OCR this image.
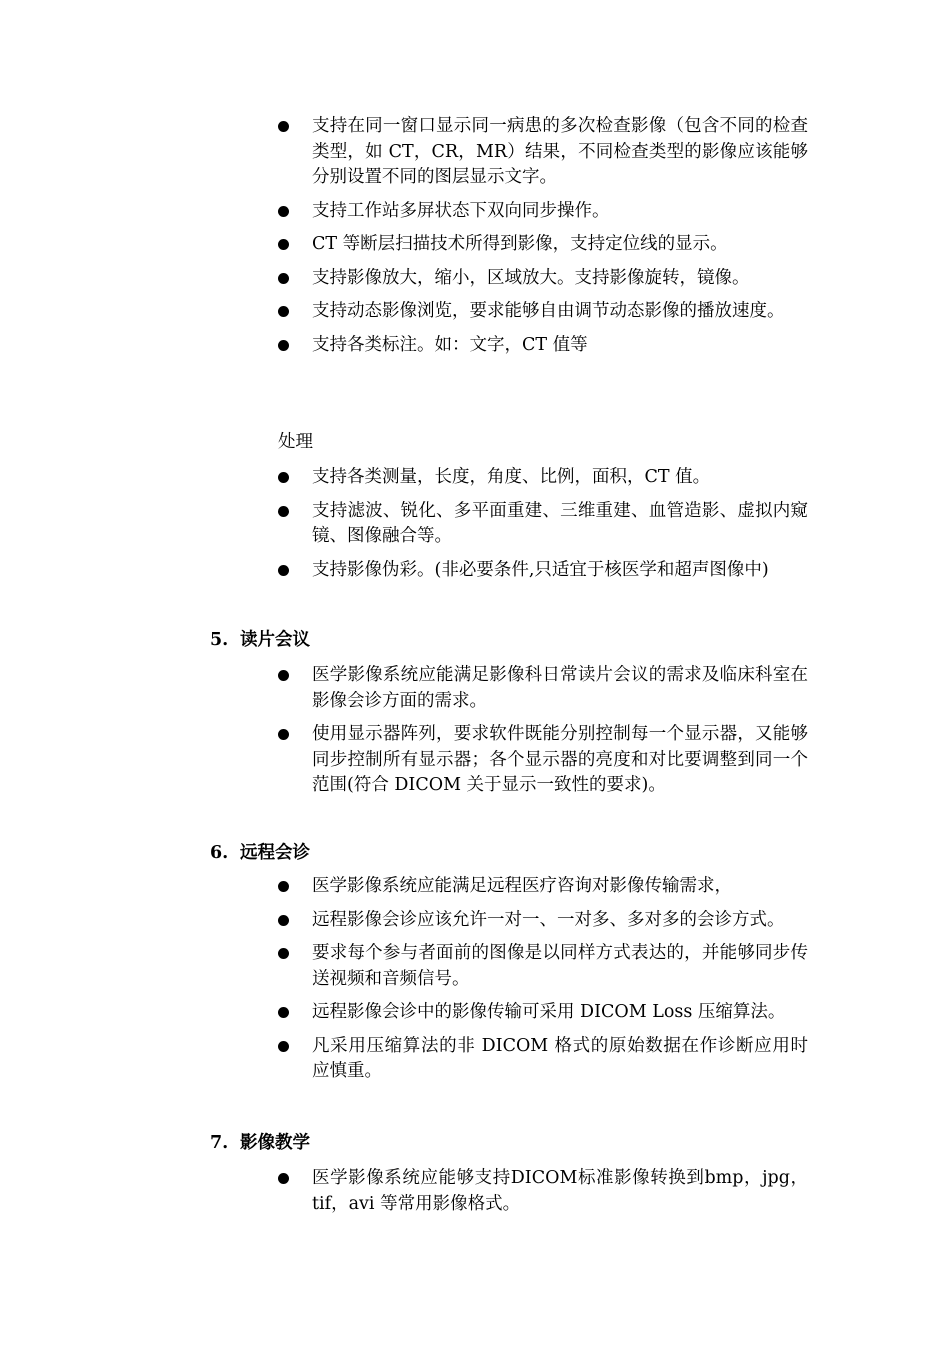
支持在同一窗口显示同一病患的多次检查影像（包含不同的检查类型，如 CT，CR，MR）结果，不同检查类型的影像应该能够分别设置不同的图层显示文字。
支持工作站多屏状态下双向同步操作。
CT 等断层扫描技术所得到影像，支持定位线的显示。
支持影像放大，缩小，区域放大。支持影像旋转，镜像。
支持动态影像浏览，要求能够自由调节动态影像的播放速度。
支持各类标注。如：文字，CT 值等
处理
支持各类测量，长度，角度、比例，面积，CT 值。
支持滤波、锐化、多平面重建、三维重建、血管造影、虚拟内窥镜、图像融合等。
支持影像伪彩。(非必要条件,只适宜于核医学和超声图像中)
5. 读片会议
医学影像系统应能满足影像科日常读片会议的需求及临床科室在影像会诊方面的需求。
使用显示器阵列，要求软件既能分别控制每一个显示器，又能够同步控制所有显示器；各个显示器的亮度和对比要调整到同一个范围(符合 DICOM 关于显示一致性的要求)。
6. 远程会诊
医学影像系统应能满足远程医疗咨询对影像传输需求，
远程影像会诊应该允许一对一、一对多、多对多的会诊方式。
要求每个参与者面前的图像是以同样方式表达的，并能够同步传送视频和音频信号。
远程影像会诊中的影像传输可采用 DICOM Loss 压缩算法。
凡采用压缩算法的非 DICOM 格式的原始数据在作诊断应用时应慎重。
7. 影像教学
医学影像系统应能够支持DICOM标准影像转换到bmp，jpg，tif，avi 等常用影像格式。
